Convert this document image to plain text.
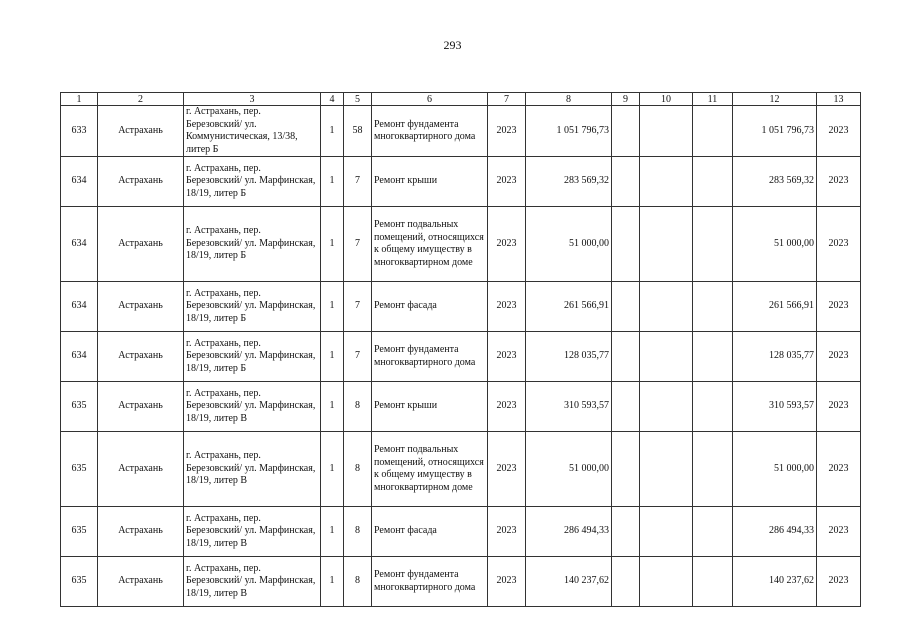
293
1	2	3	4	5	6	7	8	9	10	11	12	13
633	Астрахань	г. Астрахань, пер. Березовский/ ул. Коммунистическая, 13/38, литер Б	1	58	Ремонт фундамента многоквартирного дома	2023	1 051 796,73				1 051 796,73	2023
634	Астрахань	г. Астрахань, пер. Березовский/ ул. Марфинская, 18/19, литер Б	1	7	Ремонт крыши	2023	283 569,32				283 569,32	2023
634	Астрахань	г. Астрахань, пер. Березовский/ ул. Марфинская, 18/19, литер Б	1	7	Ремонт подвальных помещений, относящихся к общему имуществу в многоквартирном доме	2023	51 000,00				51 000,00	2023
634	Астрахань	г. Астрахань, пер. Березовский/ ул. Марфинская, 18/19, литер Б	1	7	Ремонт фасада	2023	261 566,91				261 566,91	2023
634	Астрахань	г. Астрахань, пер. Березовский/ ул. Марфинская, 18/19, литер Б	1	7	Ремонт фундамента многоквартирного дома	2023	128 035,77				128 035,77	2023
635	Астрахань	г. Астрахань, пер. Березовский/ ул. Марфинская, 18/19, литер В	1	8	Ремонт крыши	2023	310 593,57				310 593,57	2023
635	Астрахань	г. Астрахань, пер. Березовский/ ул. Марфинская, 18/19, литер В	1	8	Ремонт подвальных помещений, относящихся к общему имуществу в многоквартирном доме	2023	51 000,00				51 000,00	2023
635	Астрахань	г. Астрахань, пер. Березовский/ ул. Марфинская, 18/19, литер В	1	8	Ремонт фасада	2023	286 494,33				286 494,33	2023
635	Астрахань	г. Астрахань, пер. Березовский/ ул. Марфинская, 18/19, литер В	1	8	Ремонт фундамента многоквартирного дома	2023	140 237,62				140 237,62	2023
